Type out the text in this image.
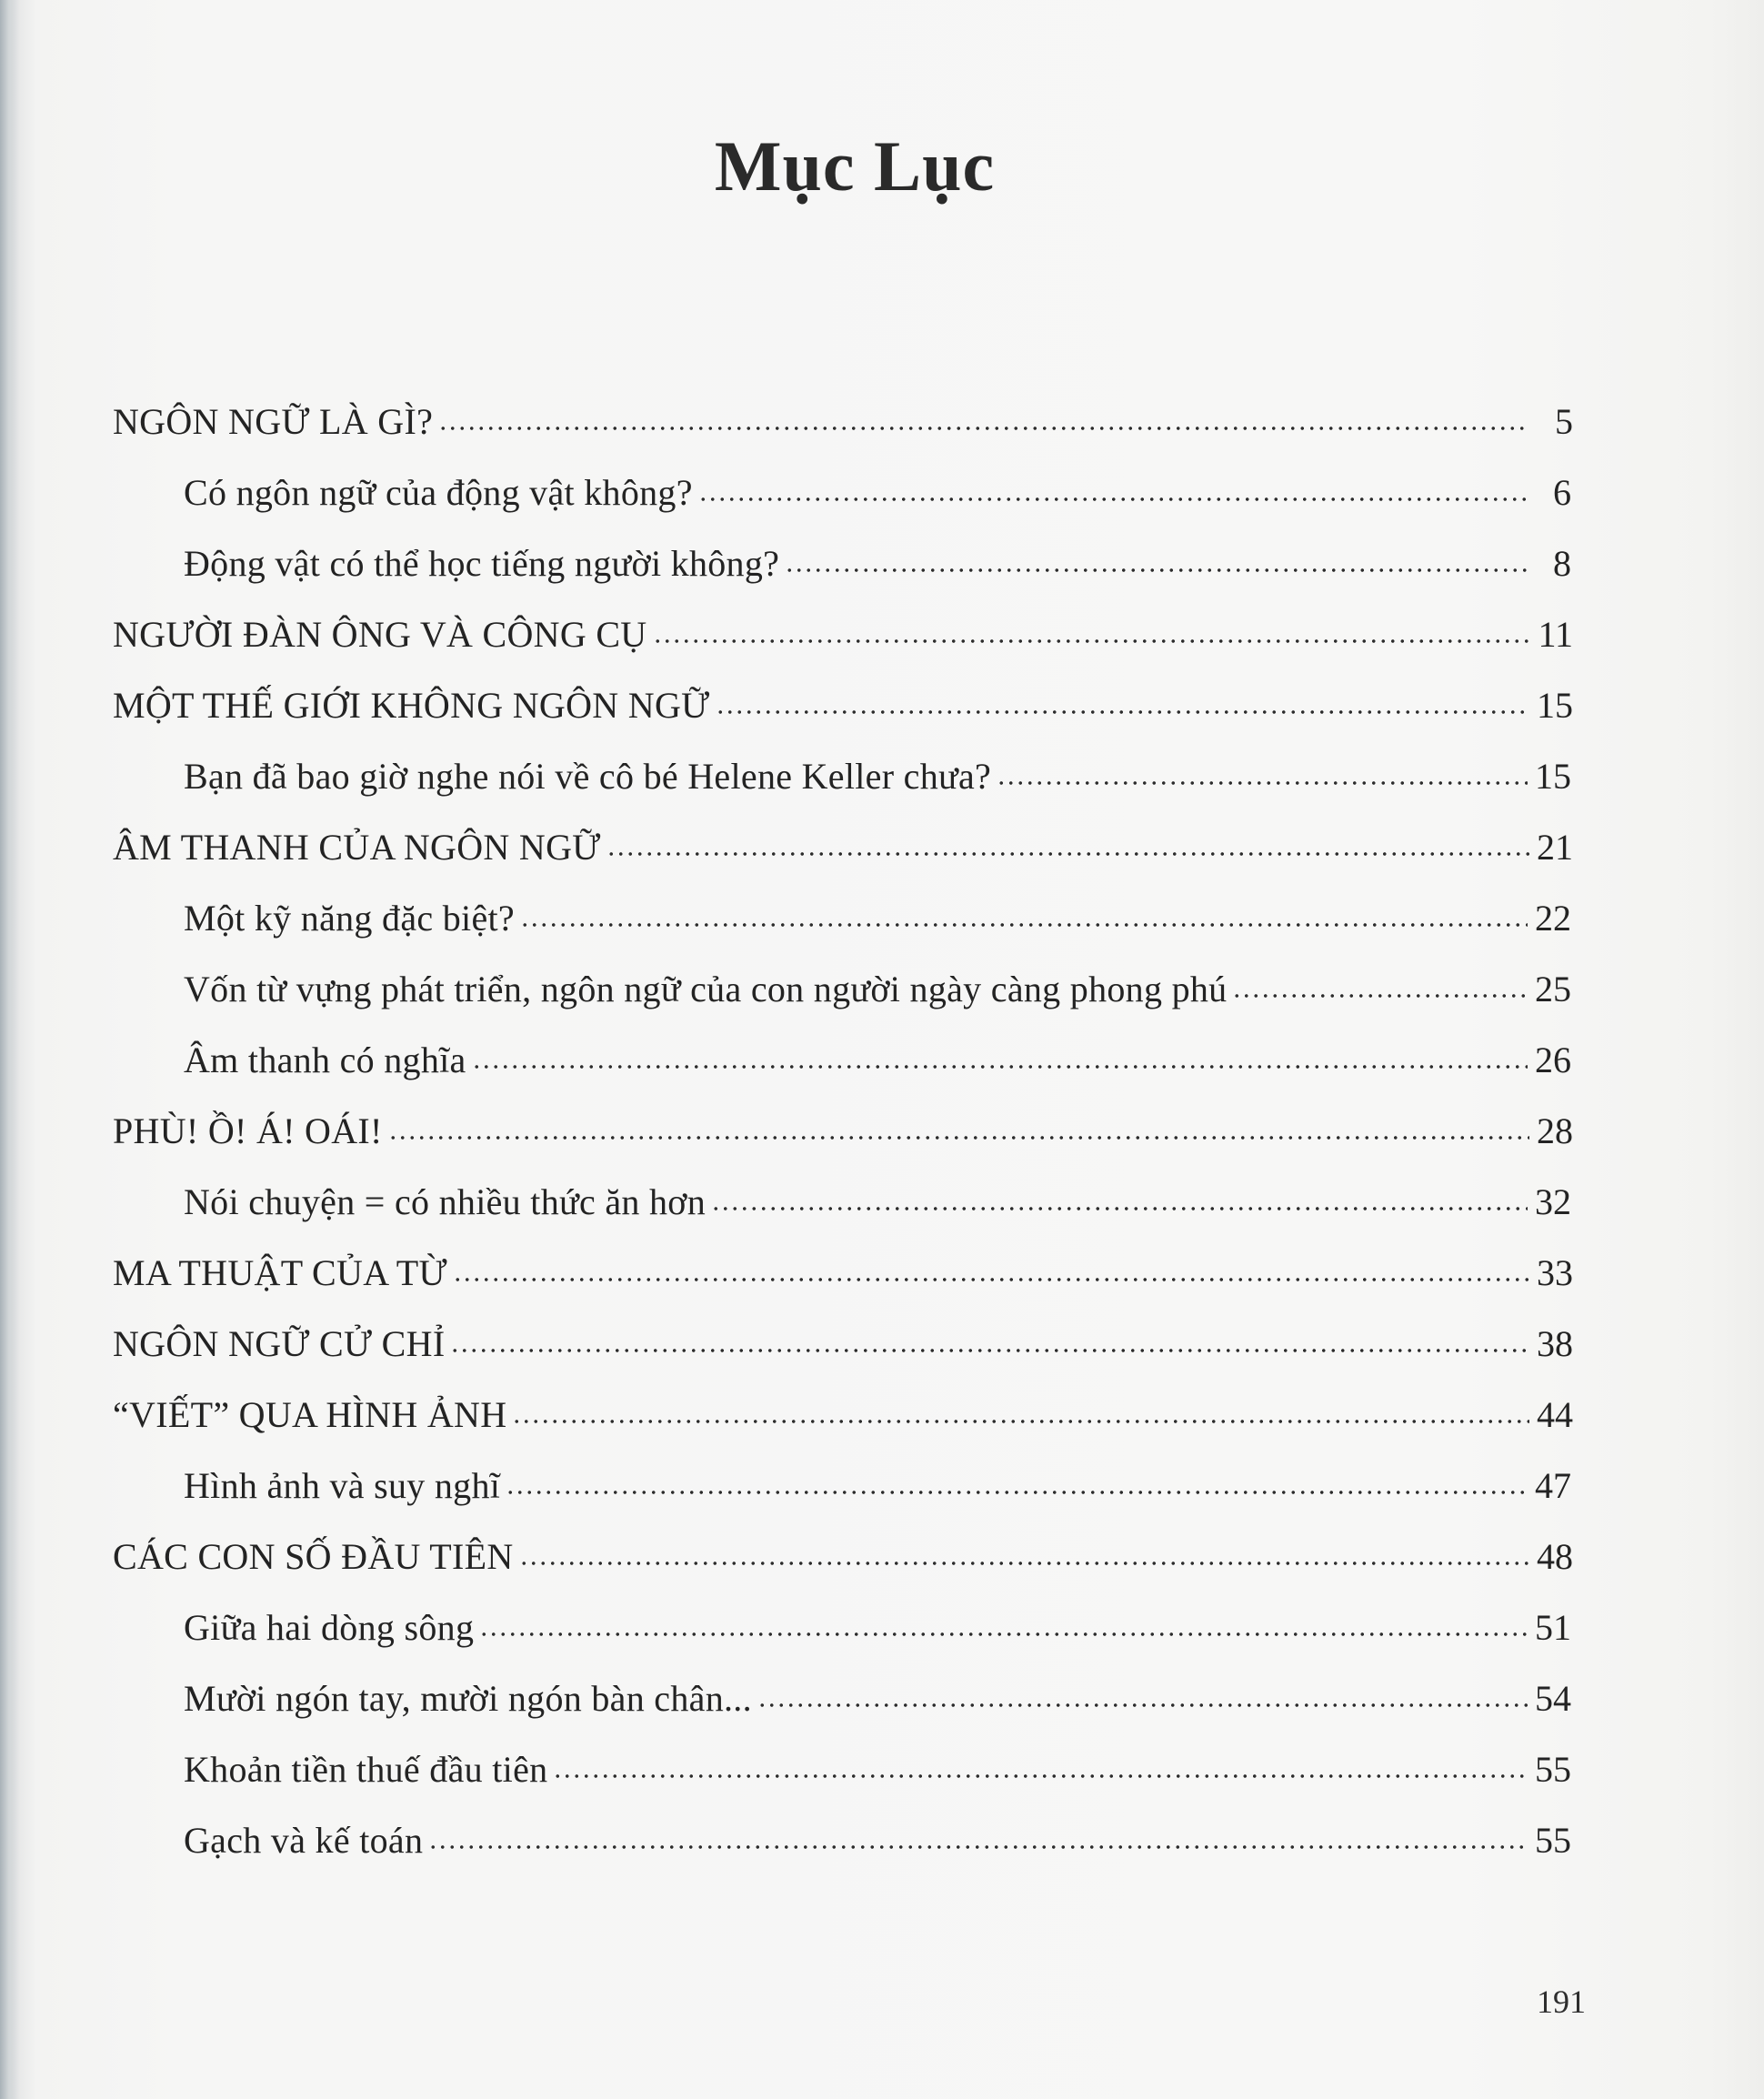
Mục Lục
NGÔN NGỮ LÀ GÌ?	5
Có ngôn ngữ của động vật không?	6
Động vật có thể học tiếng người không?	8
NGƯỜI ĐÀN ÔNG VÀ CÔNG CỤ	11
MỘT THẾ GIỚI KHÔNG NGÔN NGỮ	15
Bạn đã bao giờ nghe nói về cô bé Helene Keller chưa?	15
ÂM THANH CỦA NGÔN NGỮ	21
Một kỹ năng đặc biệt?	22
Vốn từ vựng phát triển, ngôn ngữ của con người ngày càng phong phú	25
Âm thanh có nghĩa	26
PHÙ! Ồ! Á! OÁI!	28
Nói chuyện = có nhiều thức ăn hơn	32
MA THUẬT CỦA TỪ	33
NGÔN NGỮ CỬ CHỈ	38
“VIẾT” QUA HÌNH ẢNH	44
Hình ảnh và suy nghĩ	47
CÁC CON SỐ ĐẦU TIÊN	48
Giữa hai dòng sông	51
Mười ngón tay, mười ngón bàn chân...	54
Khoản tiền thuế đầu tiên	55
Gạch và kế toán	55
191
